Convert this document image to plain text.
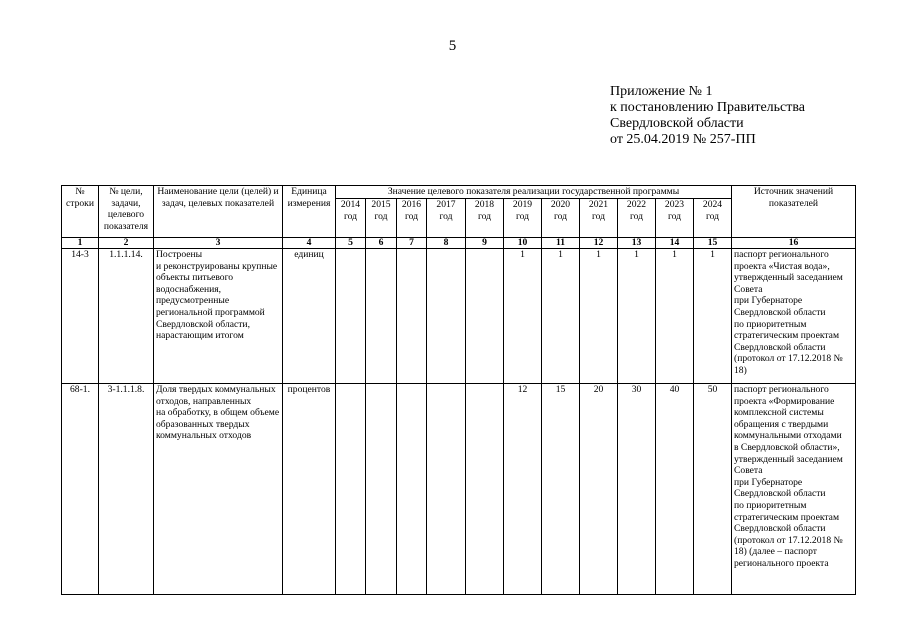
5
Приложение № 1
к постановлению Правительства
Свердловской области
от 25.04.2019 № 257-ПП
№ строки	№ цели, задачи, целевого показателя	Наименование цели (целей) и задач, целевых показателей	Единица измерения	Значение целевого показателя реализации государственной программы											Источник значений показателей
				2014 год	2015 год	2016 год	2017 год	2018 год	2019 год	2020 год	2021 год	2022 год	2023 год	2024 год	
1	2	3	4	5	6	7	8	9	10	11	12	13	14	15	16
14-3	1.1.1.14.	Построены
и реконструированы крупные объекты питьевого водоснабжения, предусмотренные региональной программой Свердловской области, нарастающим итогом	единиц						1	1	1	1	1	1	паспорт регионального проекта «Чистая вода», утвержденный заседанием Совета
при Губернаторе Свердловской области
по приоритетным стратегическим проектам Свердловской области (протокол от 17.12.2018 № 18)
68-1.	3-1.1.1.8.	Доля твердых коммунальных отходов, направленных
на обработку, в общем объеме образованных твердых коммунальных отходов	процентов						12	15	20	30	40	50	паспорт регионального проекта «Формирование комплексной системы обращения с твердыми коммунальными отходами
в Свердловской области», утвержденный заседанием Совета
при Губернаторе Свердловской области
по приоритетным стратегическим проектам Свердловской области (протокол от 17.12.2018 № 18) (далее – паспорт регионального проекта
